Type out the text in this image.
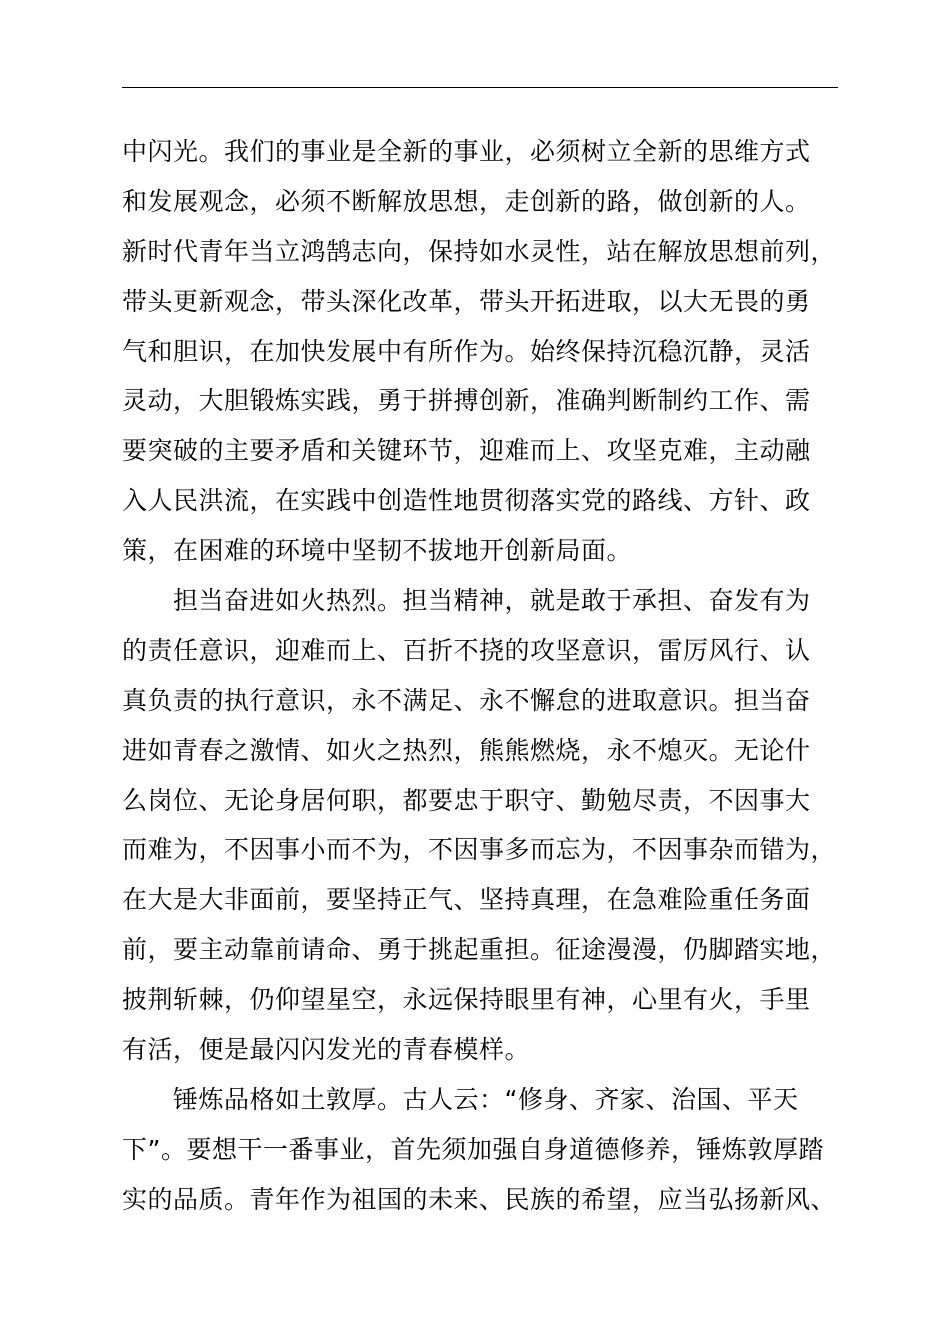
中闪光。我们的事业是全新的事业，必须树立全新的思维方式
和发展观念，必须不断解放思想，走创新的路，做创新的人。
新时代青年当立鸿鹄志向，保持如水灵性，站在解放思想前列，
带头更新观念，带头深化改革，带头开拓进取，以大无畏的勇
气和胆识，在加快发展中有所作为。始终保持沉稳沉静，灵活
灵动，大胆锻炼实践，勇于拼搏创新，准确判断制约工作、需
要突破的主要矛盾和关键环节，迎难而上、攻坚克难，主动融
入人民洪流，在实践中创造性地贯彻落实党的路线、方针、政
策，在困难的环境中坚韧不拔地开创新局面。
担当奋进如火热烈。担当精神，就是敢于承担、奋发有为
的责任意识，迎难而上、百折不挠的攻坚意识，雷厉风行、认
真负责的执行意识，永不满足、永不懈怠的进取意识。担当奋
进如青春之激情、如火之热烈，熊熊燃烧，永不熄灭。无论什
么岗位、无论身居何职，都要忠于职守、勤勉尽责，不因事大
而难为，不因事小而不为，不因事多而忘为，不因事杂而错为，
在大是大非面前，要坚持正气、坚持真理，在急难险重任务面
前，要主动靠前请命、勇于挑起重担。征途漫漫，仍脚踏实地，
披荆斩棘，仍仰望星空，永远保持眼里有神，心里有火，手里
有活，便是最闪闪发光的青春模样。
锤炼品格如土敦厚。古人云：“修身、齐家、治国、平天
下”。要想干一番事业，首先须加强自身道德修养，锤炼敦厚踏
实的品质。青年作为祖国的未来、民族的希望，应当弘扬新风、
